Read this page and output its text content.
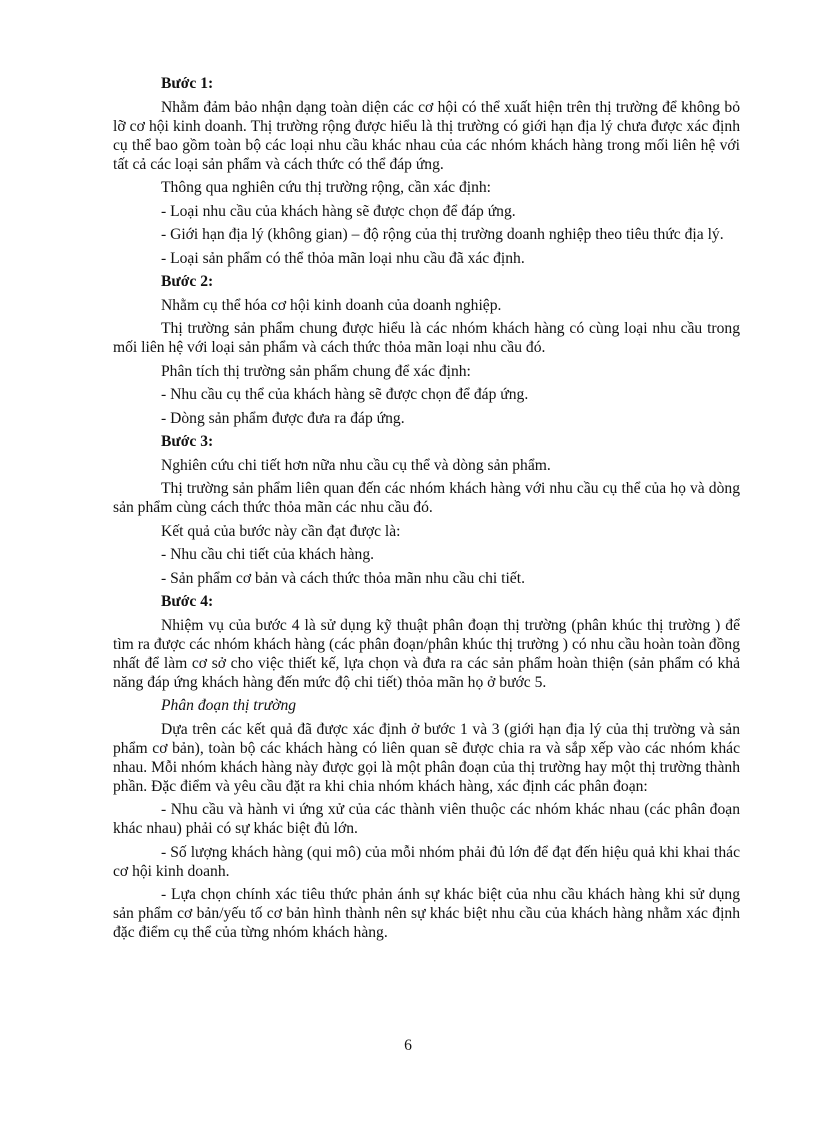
Bước 1:

Nhằm đảm bảo nhận dạng toàn diện các cơ hội có thể xuất hiện trên thị trường để không bỏ lỡ cơ hội kinh doanh. Thị trường rộng được hiểu là thị trường có giới hạn địa lý chưa được xác định cụ thể bao gồm toàn bộ các loại nhu cầu khác nhau của các nhóm khách hàng trong mối liên hệ với tất cả các loại sản phẩm và cách thức có thể đáp ứng.

Thông qua nghiên cứu thị trường rộng, cần xác định:

- Loại nhu cầu của khách hàng sẽ được chọn để đáp ứng.

- Giới hạn địa lý (không gian) – độ rộng của thị trường doanh nghiệp theo tiêu thức địa lý.

- Loại sản phẩm có thể thỏa mãn loại nhu cầu đã xác định.

Bước 2:

Nhằm cụ thể hóa cơ hội kinh doanh của doanh nghiệp.

Thị trường sản phẩm chung được hiểu là các nhóm khách hàng có cùng loại nhu cầu trong mối liên hệ với loại sản phẩm và cách thức thỏa mãn loại nhu cầu đó.

Phân tích thị trường sản phẩm chung để xác định:

- Nhu cầu cụ thể của khách hàng sẽ được chọn để đáp ứng.

- Dòng sản phẩm được đưa ra đáp ứng.

Bước 3:

Nghiên cứu chi tiết hơn nữa nhu cầu cụ thể và dòng sản phẩm.

Thị trường sản phẩm liên quan đến các nhóm khách hàng với nhu cầu cụ thể của họ và dòng sản phẩm cùng cách thức thỏa mãn các nhu cầu đó.

Kết quả của bước này cần đạt được là:

- Nhu cầu chi tiết của khách hàng.

- Sản phẩm cơ bản và cách thức thỏa mãn nhu cầu chi tiết.

Bước 4:

Nhiệm vụ của bước 4 là sử dụng kỹ thuật phân đoạn thị trường (phân khúc thị trường ) để tìm ra được các nhóm khách hàng (các phân đoạn/phân khúc thị trường ) có nhu cầu hoàn toàn đồng nhất để làm cơ sở cho việc thiết kế, lựa chọn và đưa ra các sản phẩm hoàn thiện (sản phẩm có khả năng đáp ứng khách hàng đến mức độ chi tiết) thỏa mãn họ ở bước 5.

Phân đoạn thị trường

Dựa trên các kết quả đã được xác định ở bước 1 và 3 (giới hạn địa lý của thị trường và sản phẩm cơ bản), toàn bộ các khách hàng có liên quan sẽ được chia ra và sắp xếp vào các nhóm khác nhau. Mỗi nhóm khách hàng này được gọi là một phân đoạn của thị trường hay một thị trường thành phần. Đặc điểm và yêu cầu đặt ra khi chia nhóm khách hàng, xác định các phân đoạn:

- Nhu cầu và hành vi ứng xử của các thành viên thuộc các nhóm khác nhau (các phân đoạn khác nhau) phải có sự khác biệt đủ lớn.

- Số lượng khách hàng (qui mô) của mỗi nhóm phải đủ lớn để đạt đến hiệu quả khi khai thác cơ hội kinh doanh.

- Lựa chọn chính xác tiêu thức phản ánh sự khác biệt của nhu cầu khách hàng khi sử dụng sản phẩm cơ bản/yếu tố cơ bản hình thành nên sự khác biệt nhu cầu của khách hàng nhằm xác định đặc điểm cụ thể của từng nhóm khách hàng.

6
